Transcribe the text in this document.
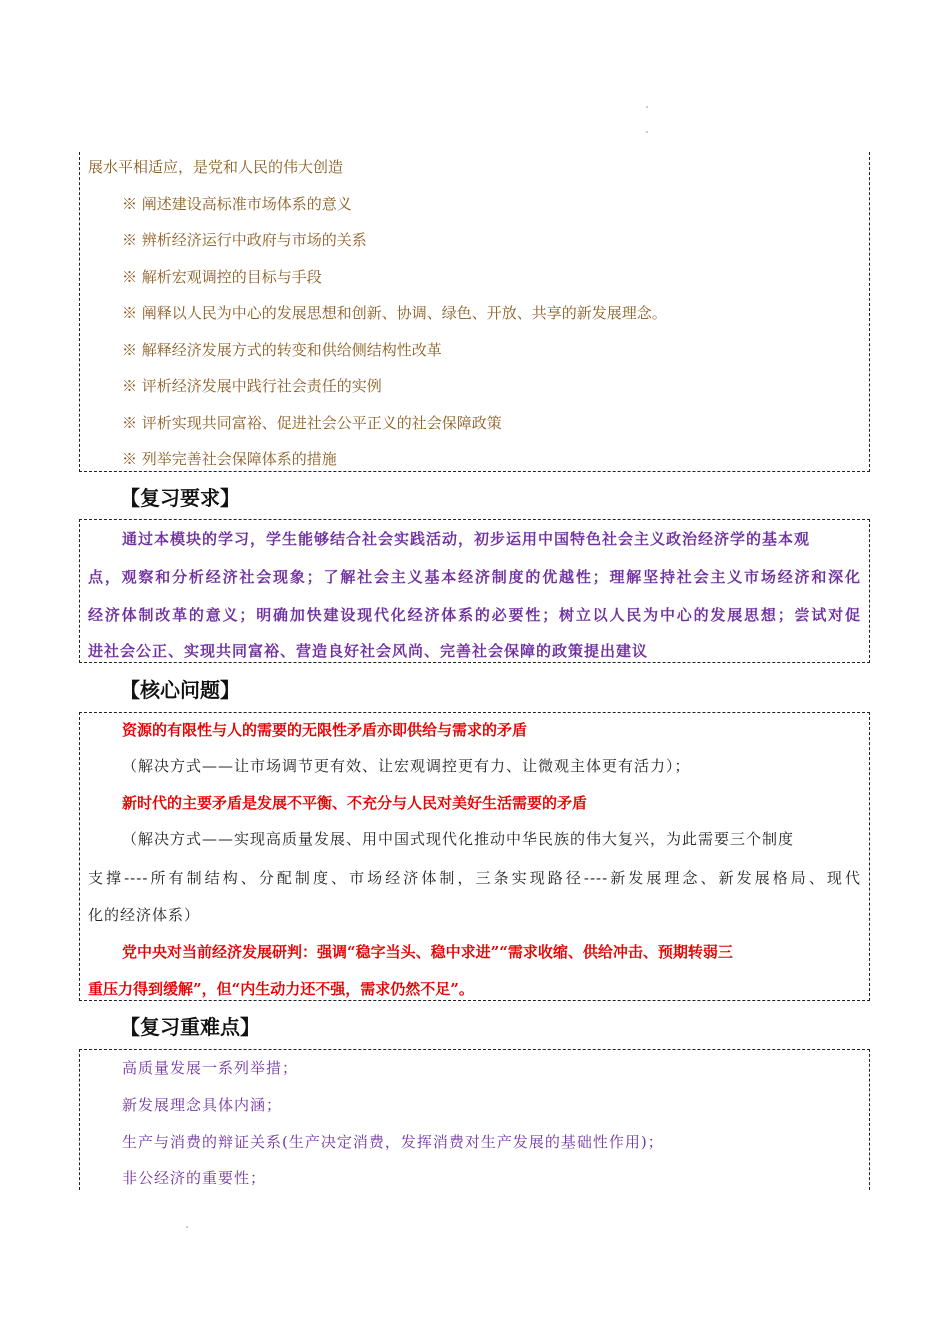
展水平相适应，是党和人民的伟大创造
※ 阐述建设高标准市场体系的意义
※ 辨析经济运行中政府与市场的关系
※ 解析宏观调控的目标与手段
※ 阐释以人民为中心的发展思想和创新、协调、绿色、开放、共享的新发展理念。
※ 解释经济发展方式的转变和供给侧结构性改革
※ 评析经济发展中践行社会责任的实例
※ 评析实现共同富裕、促进社会公平正义的社会保障政策
※ 列举完善社会保障体系的措施
【复习要求】
通过本模块的学习，学生能够结合社会实践活动，初步运用中国特色社会主义政治经济学的基本观
点，观察和分析经济社会现象；了解社会主义基本经济制度的优越性；理解坚持社会主义市场经济和深化
经济体制改革的意义；明确加快建设现代化经济体系的必要性；树立以人民为中心的发展思想；尝试对促
进社会公正、实现共同富裕、营造良好社会风尚、完善社会保障的政策提出建议
【核心问题】
资源的有限性与人的需要的无限性矛盾亦即供给与需求的矛盾
（解决方式——让市场调节更有效、让宏观调控更有力、让微观主体更有活力）；
新时代的主要矛盾是发展不平衡、不充分与人民对美好生活需要的矛盾
（解决方式——实现高质量发展、用中国式现代化推动中华民族的伟大复兴，为此需要三个制度
支撑----所有制结构、分配制度、市场经济体制，三条实现路径----新发展理念、新发展格局、现代
化的经济体系）
党中央对当前经济发展研判：强调“稳字当头、稳中求进”“需求收缩、供给冲击、预期转弱三
重压力得到缓解”，但“内生动力还不强，需求仍然不足”。
【复习重难点】
高质量发展一系列举措；
新发展理念具体内涵；
生产与消费的辩证关系(生产决定消费，发挥消费对生产发展的基础性作用)；
非公经济的重要性；
